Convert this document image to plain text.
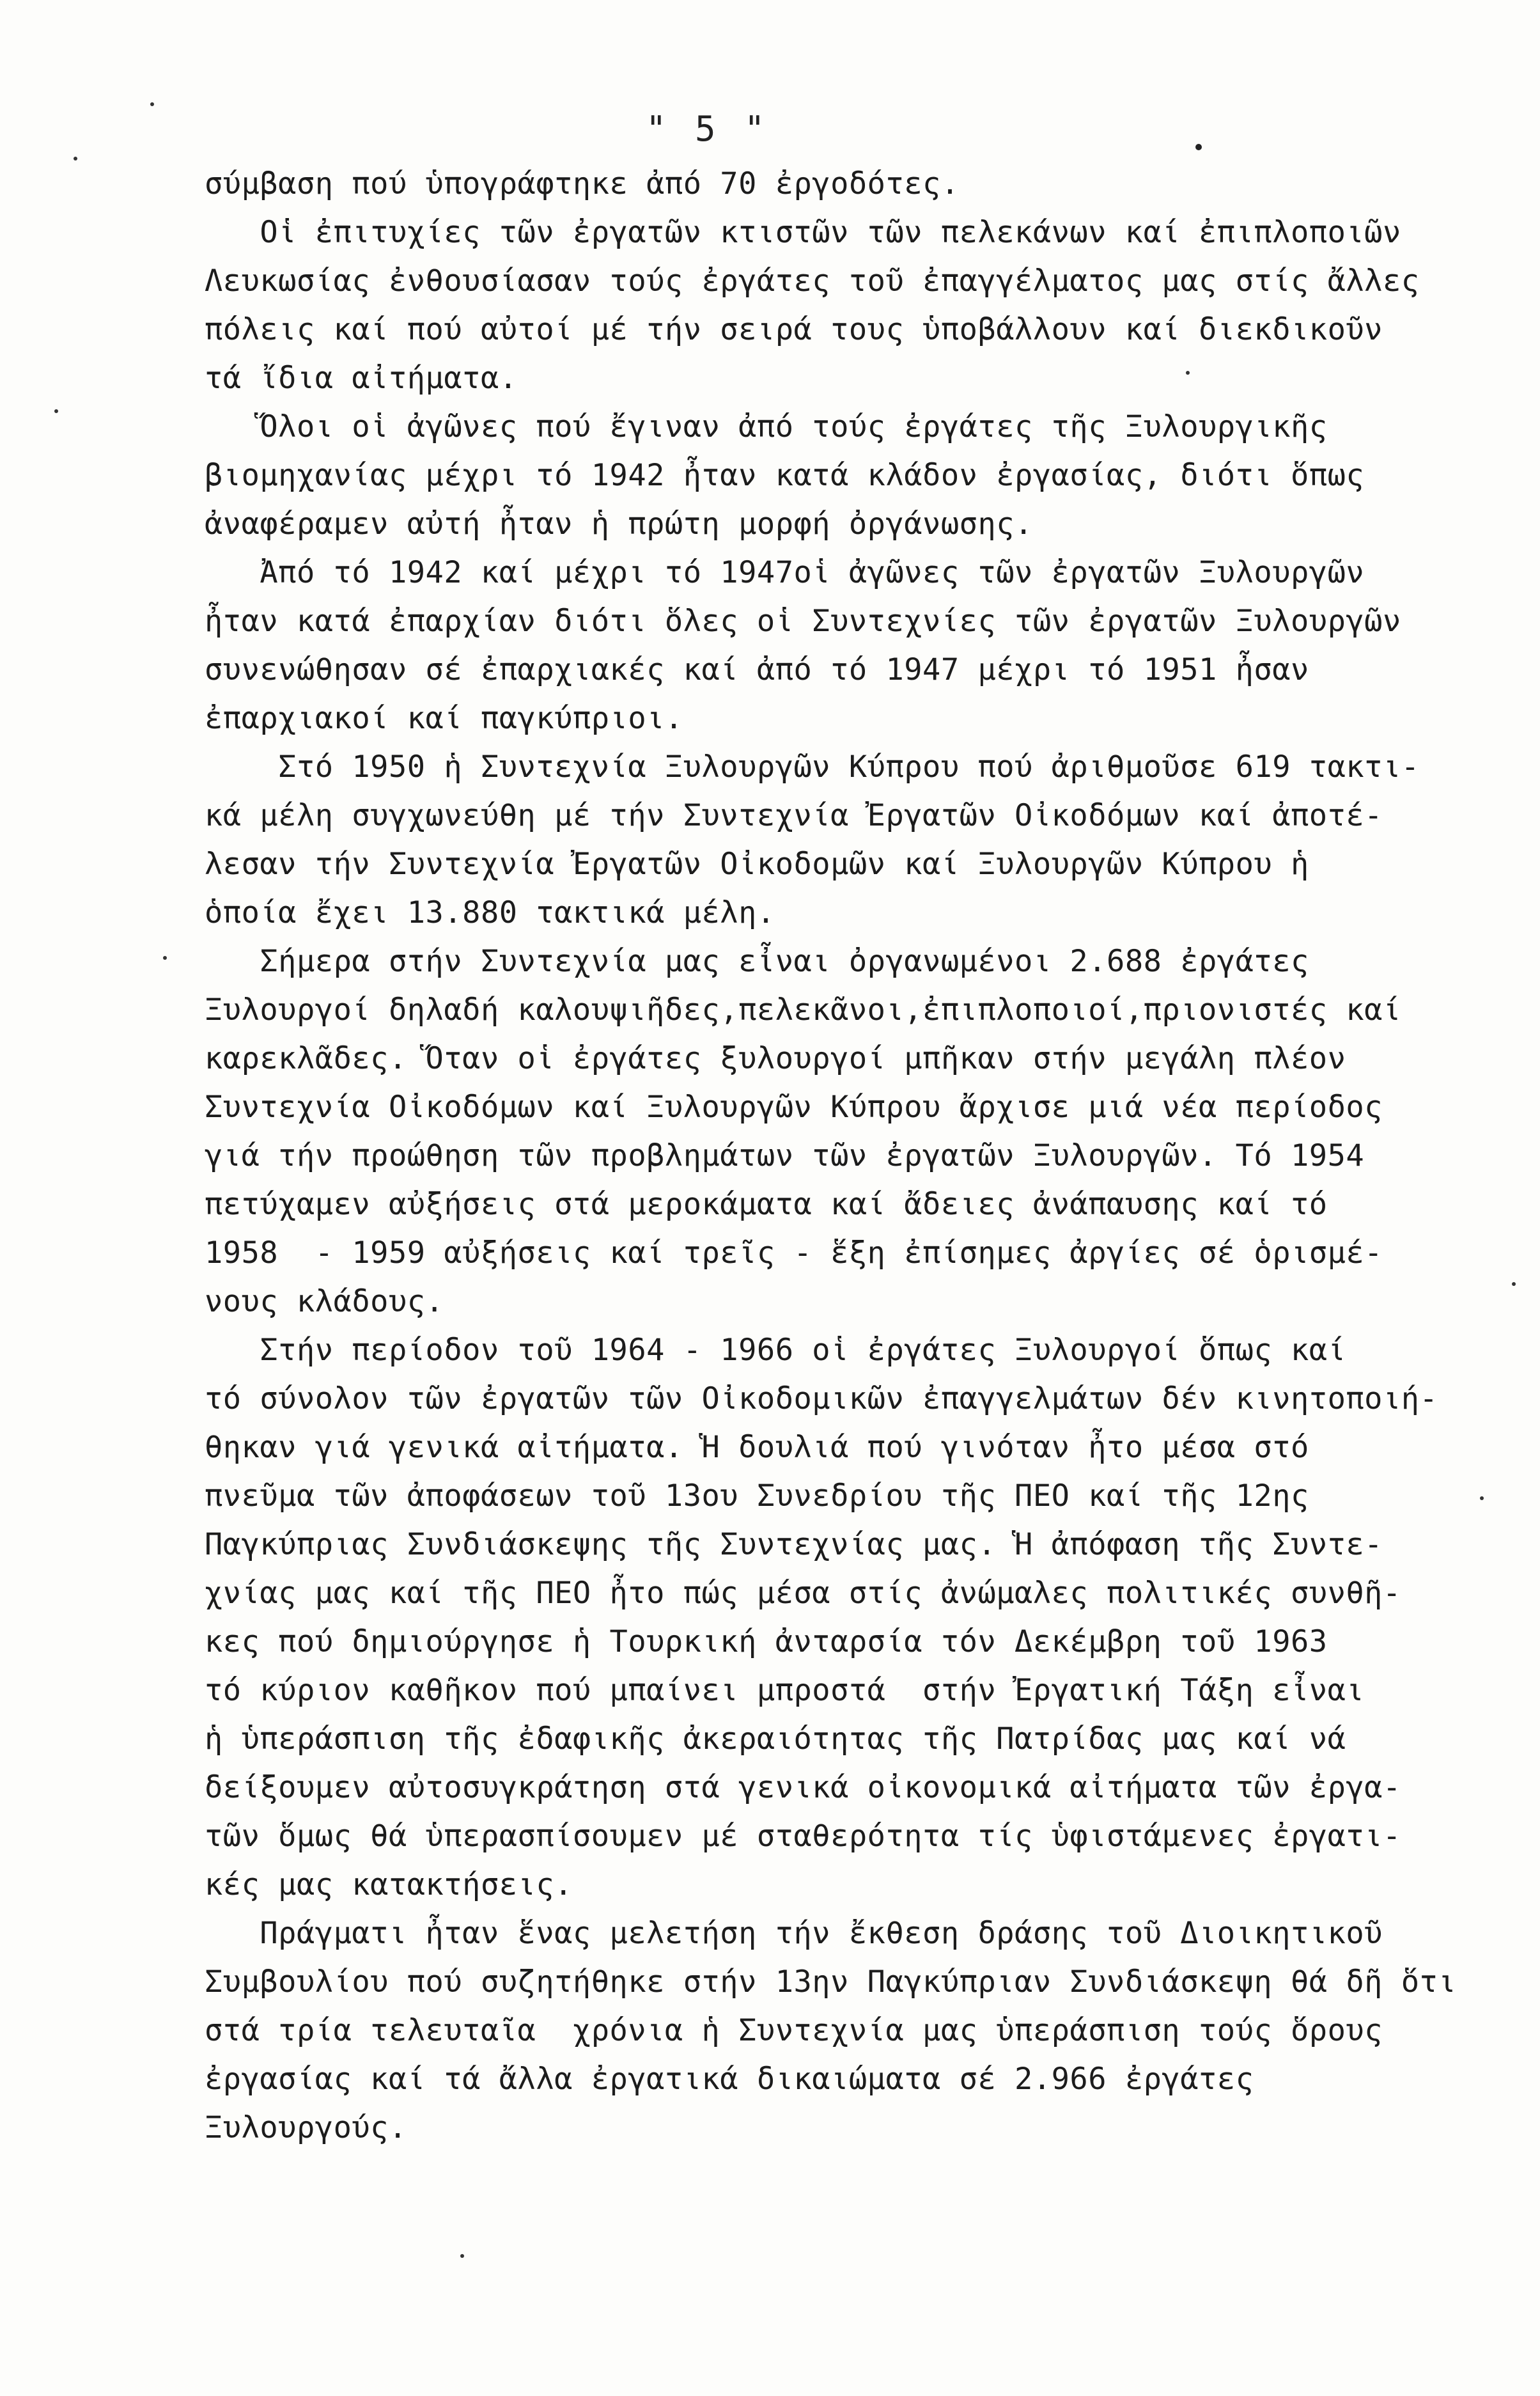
" 5 "
σύμβαση πού ὑπογράφτηκε ἀπό 70 ἐργοδότες.
Οἱ ἐπιτυχίες τῶν ἐργατῶν κτιστῶν τῶν πελεκάνων καί ἐπιπλοποιῶν
Λευκωσίας ἐνθουσίασαν τούς ἐργάτες τοῦ ἐπαγγέλματος μας στίς ἄλλες
πόλεις καί πού αὐτοί μέ τήν σειρά τους ὑποβάλλουν καί διεκδικοῦν
τά ἴδια αἰτήματα.
Ὅλοι οἱ ἀγῶνες πού ἔγιναν ἀπό τούς ἐργάτες τῆς Ξυλουργικῆς
βιομηχανίας μέχρι τό 1942 ἦταν κατά κλάδον ἐργασίας, διότι ὅπως
ἀναφέραμεν αὐτή ἦταν ἡ πρώτη μορφή ὀργάνωσης.
Ἀπό τό 1942 καί μέχρι τό 1947οἱ ἀγῶνες τῶν ἐργατῶν Ξυλουργῶν
ἦταν κατά ἐπαρχίαν διότι ὅλες οἱ Συντεχνίες τῶν ἐργατῶν Ξυλουργῶν
συνενώθησαν σέ ἐπαρχιακές καί ἀπό τό 1947 μέχρι τό 1951 ἦσαν
ἐπαρχιακοί καί παγκύπριοι.
Στό 1950 ἡ Συντεχνία Ξυλουργῶν Κύπρου πού ἀριθμοῦσε 619 τακτι-
κά μέλη συγχωνεύθη μέ τήν Συντεχνία Ἐργατῶν Οἰκοδόμων καί ἀποτέ-
λεσαν τήν Συντεχνία Ἐργατῶν Οἰκοδομῶν καί Ξυλουργῶν Κύπρου ἡ
ὁποία ἔχει 13.880 τακτικά μέλη.
Σήμερα στήν Συντεχνία μας εἶναι ὀργανωμένοι 2.688 ἐργάτες
Ξυλουργοί δηλαδή καλουψιῆδες,πελεκᾶνοι,ἐπιπλοποιοί,πριονιστές καί
καρεκλᾶδες. Ὅταν οἱ ἐργάτες ξυλουργοί μπῆκαν στήν μεγάλη πλέον
Συντεχνία Οἰκοδόμων καί Ξυλουργῶν Κύπρου ἄρχισε μιά νέα περίοδος
γιά τήν προώθηση τῶν προβλημάτων τῶν ἐργατῶν Ξυλουργῶν. Τό 1954
πετύχαμεν αὐξήσεις στά μεροκάματα καί ἄδειες ἀνάπαυσης καί τό
1958  - 1959 αὐξήσεις καί τρεῖς - ἕξη ἐπίσημες ἀργίες σέ ὁρισμέ-
νους κλάδους.
Στήν περίοδον τοῦ 1964 - 1966 οἱ ἐργάτες Ξυλουργοί ὅπως καί
τό σύνολον τῶν ἐργατῶν τῶν Οἰκοδομικῶν ἐπαγγελμάτων δέν κινητοποιή-
θηκαν γιά γενικά αἰτήματα. Ἡ δουλιά πού γινόταν ἦτο μέσα στό
πνεῦμα τῶν ἀποφάσεων τοῦ 13ου Συνεδρίου τῆς ΠΕΟ καί τῆς 12ης
Παγκύπριας Συνδιάσκεψης τῆς Συντεχνίας μας. Ἡ ἀπόφαση τῆς Συντε-
χνίας μας καί τῆς ΠΕΟ ἦτο πώς μέσα στίς ἀνώμαλες πολιτικές συνθῆ-
κες πού δημιούργησε ἡ Τουρκική ἀνταρσία τόν Δεκέμβρη τοῦ 1963
τό κύριον καθῆκον πού μπαίνει μπροστά  στήν Ἐργατική Τάξη εἶναι
ἡ ὑπεράσπιση τῆς ἐδαφικῆς ἀκεραιότητας τῆς Πατρίδας μας καί νά
δείξουμεν αὐτοσυγκράτηση στά γενικά οἰκονομικά αἰτήματα τῶν ἐργα-
τῶν ὅμως θά ὑπερασπίσουμεν μέ σταθερότητα τίς ὑφιστάμενες ἐργατι-
κές μας κατακτήσεις.
Πράγματι ἦταν ἕνας μελετήση τήν ἔκθεση δράσης τοῦ Διοικητικοῦ
Συμβουλίου πού συζητήθηκε στήν 13ην Παγκύπριαν Συνδιάσκεψη θά δῆ ὅτι
στά τρία τελευταῖα  χρόνια ἡ Συντεχνία μας ὑπεράσπιση τούς ὅρους
ἐργασίας καί τά ἄλλα ἐργατικά δικαιώματα σέ 2.966 ἐργάτες
Ξυλουργούς.
